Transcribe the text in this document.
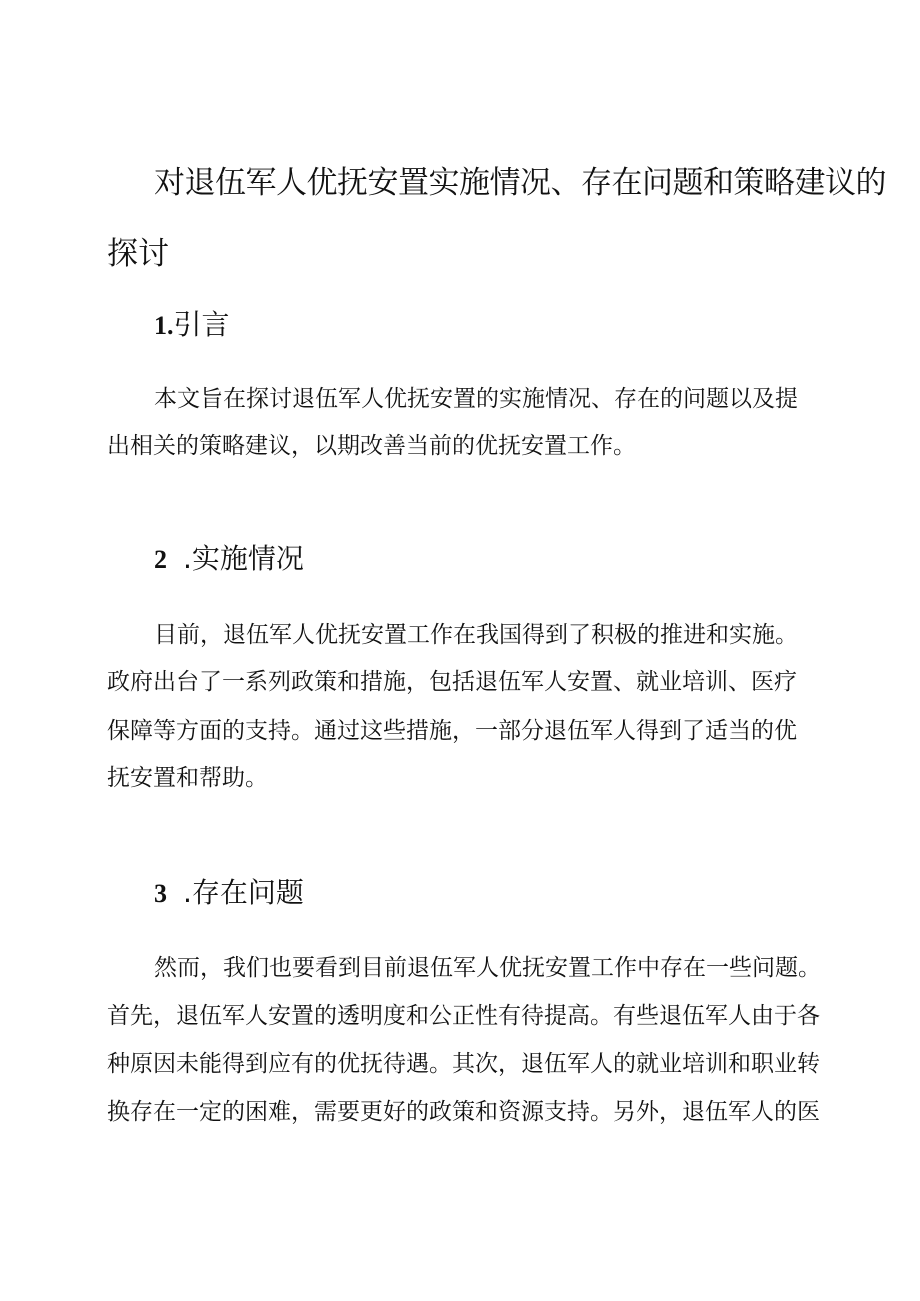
对退伍军人优抚安置实施情况、存在问题和策略建议的
探讨
1.引言
本文旨在探讨退伍军人优抚安置的实施情况、存在的问题以及提
出相关的策略建议，以期改善当前的优抚安置工作。
2 .实施情况
目前，退伍军人优抚安置工作在我国得到了积极的推进和实施。
政府出台了一系列政策和措施，包括退伍军人安置、就业培训、医疗
保障等方面的支持。通过这些措施，一部分退伍军人得到了适当的优
抚安置和帮助。
3 .存在问题
然而，我们也要看到目前退伍军人优抚安置工作中存在一些问题。
首先，退伍军人安置的透明度和公正性有待提高。有些退伍军人由于各
种原因未能得到应有的优抚待遇。其次，退伍军人的就业培训和职业转
换存在一定的困难，需要更好的政策和资源支持。另外，退伍军人的医
